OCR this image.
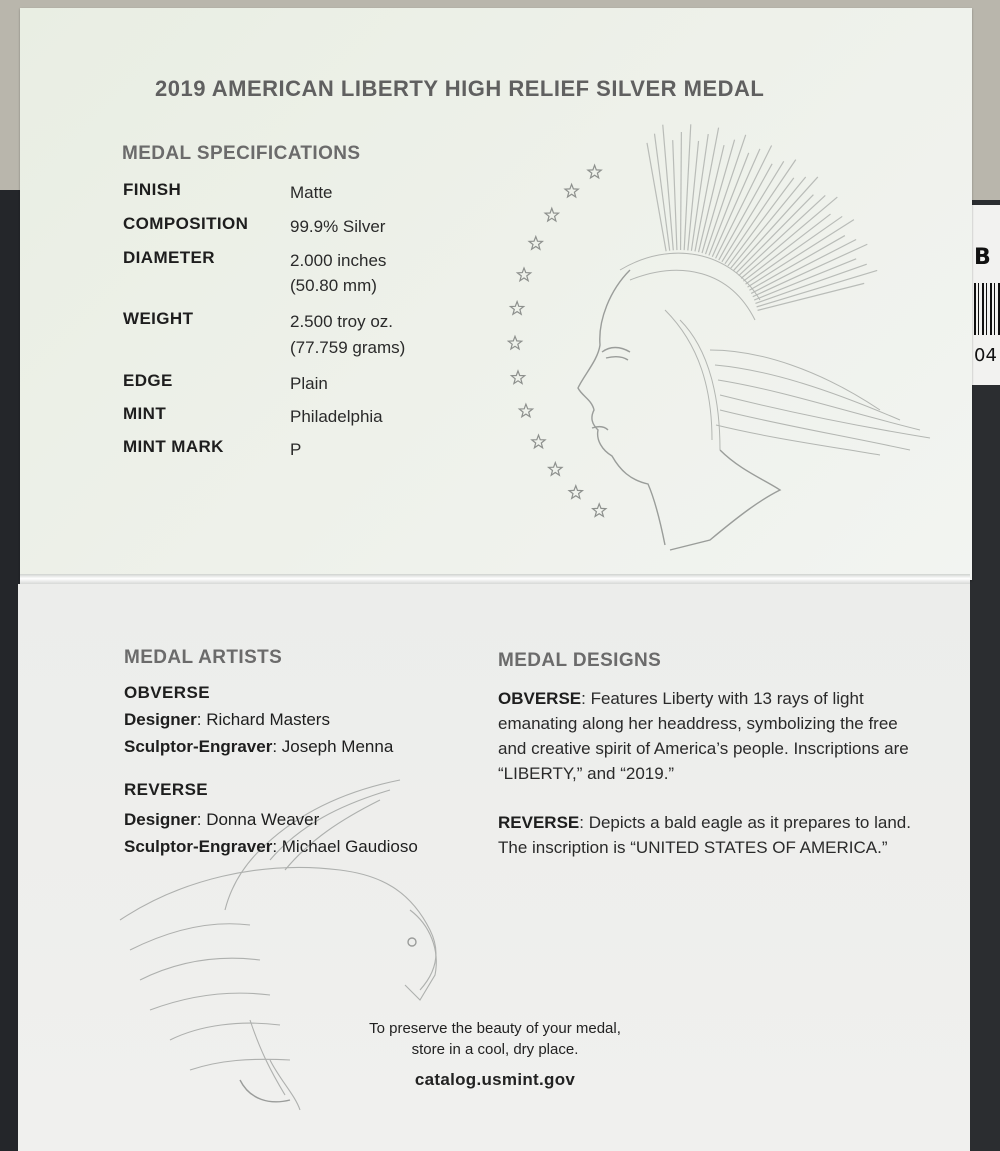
B
04
2019 AMERICAN LIBERTY HIGH RELIEF SILVER MEDAL
MEDAL SPECIFICATIONS
FINISH	Matte
COMPOSITION 99.9% Silver
DIAMETER	2.000 inches
(50.80 mm)
WEIGHT	2.500 troy oz.
(77.759 grams)
EDGE	Plain
MINT	Philadelphia
MINT MARK	P
MEDAL ARTISTS
OBVERSE
Designer: Richard Masters
Sculptor-Engraver: Joseph Menna
REVERSE
Designer: Donna Weaver
Sculptor-Engraver: Michael Gaudioso
MEDAL DESIGNS
OBVERSE: Features Liberty with 13 rays of light emanating along her headdress, symbolizing the free and creative spirit of America’s people. Inscriptions are “LIBERTY,” and “2019.”
REVERSE: Depicts a bald eagle as it prepares to land. The inscription is “UNITED STATES OF AMERICA.”
To preserve the beauty of your medal,
store in a cool, dry place.
catalog.usmint.gov
